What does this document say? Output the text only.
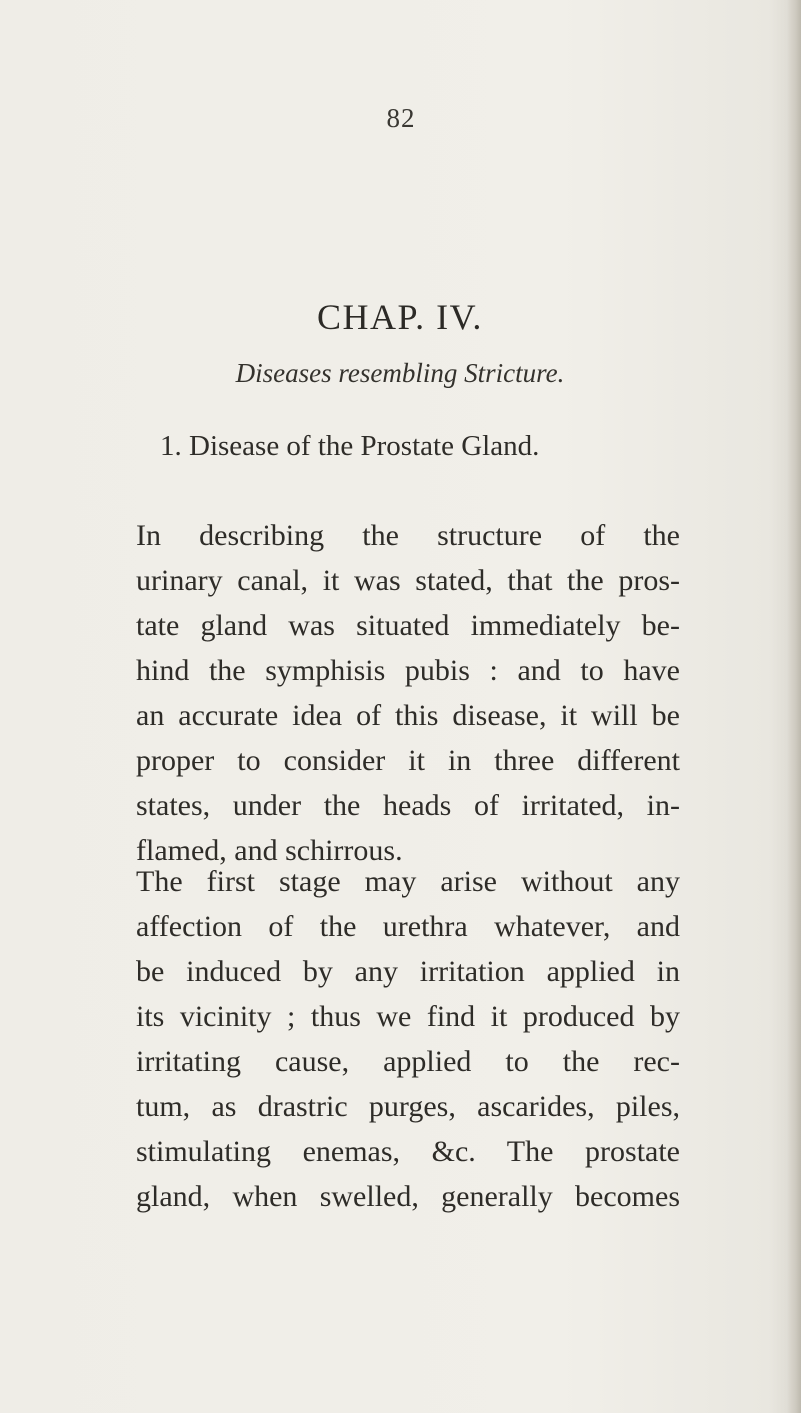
82
CHAP. IV.
Diseases resembling Stricture.
1. Disease of the Prostate Gland.
In describing the structure of the
urinary canal, it was stated, that the pros-
tate gland was situated immediately be-
hind the symphisis pubis : and to have
an accurate idea of this disease, it will be
proper to consider it in three different
states, under the heads of irritated, in-
flamed, and schirrous.
The first stage may arise without any
affection of the urethra whatever, and
be induced by any irritation applied in
its vicinity ; thus we find it produced by
irritating cause, applied to the rec-
tum, as drastric purges, ascarides, piles,
stimulating enemas, &c. The prostate
gland, when swelled, generally becomes
